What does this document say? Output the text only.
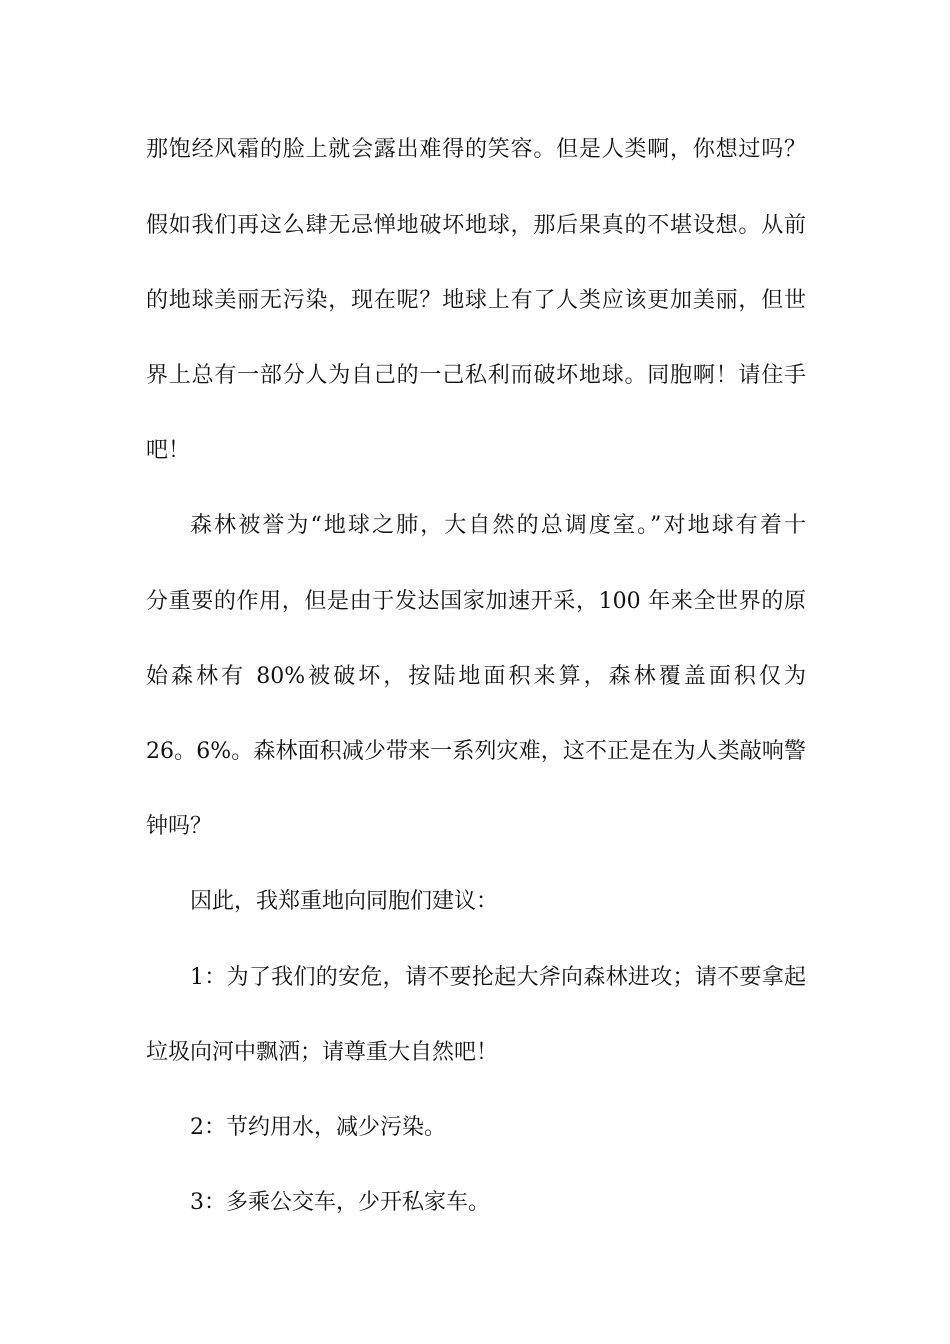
那饱经风霜的脸上就会露出难得的笑容。但是人类啊，你想过吗？
假如我们再这么肆无忌惮地破坏地球，那后果真的不堪设想。从前
的地球美丽无污染，现在呢？地球上有了人类应该更加美丽，但世
界上总有一部分人为自己的一己私利而破坏地球。同胞啊！请住手
吧！
森林被誉为“地球之肺，大自然的总调度室。”对地球有着十
分重要的作用，但是由于发达国家加速开采，100 年来全世界的原
始森林有 80%被破坏，按陆地面积来算，森林覆盖面积仅为
26。6%。森林面积减少带来一系列灾难，这不正是在为人类敲响警
钟吗？
因此，我郑重地向同胞们建议：
1：为了我们的安危，请不要抡起大斧向森林进攻；请不要拿起
垃圾向河中飘洒；请尊重大自然吧！
2：节约用水，减少污染。
3：多乘公交车，少开私家车。
